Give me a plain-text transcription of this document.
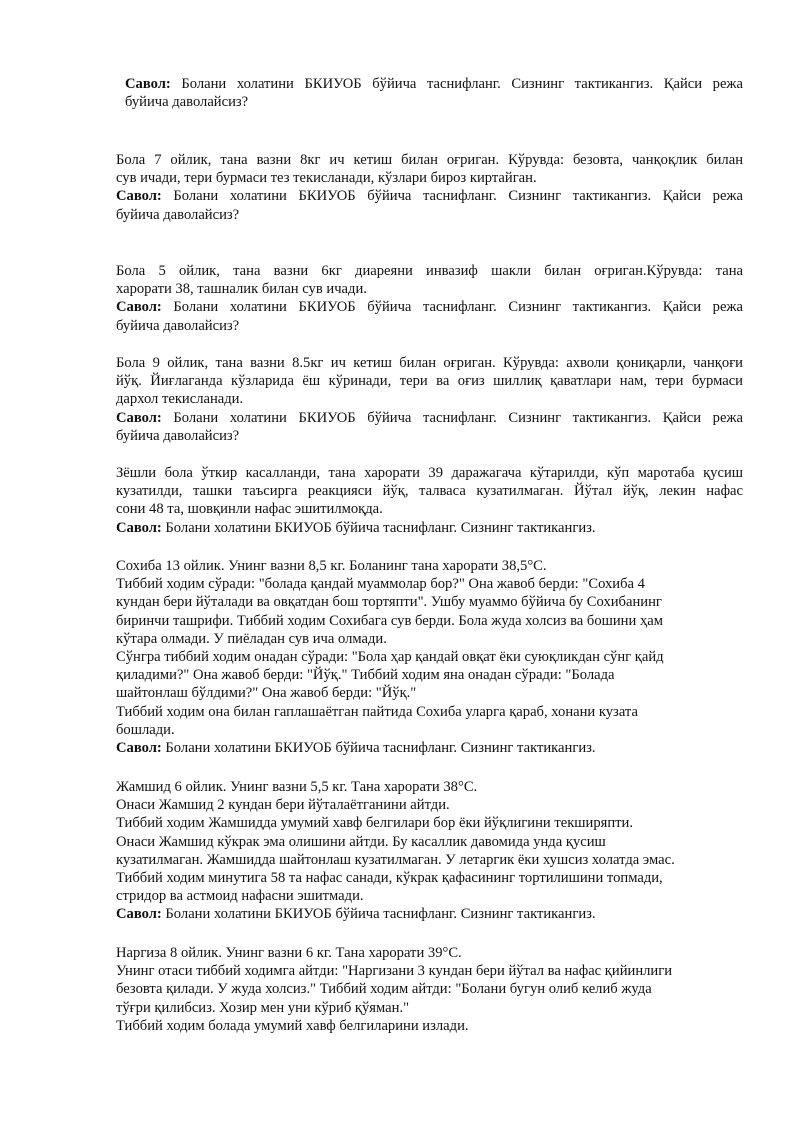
Савол: Болани холатини БКИУОБ бўйича таснифланг. Сизнинг тактикангиз. Қайси режа
буйича даволайсиз?
Бола 7 ойлик, тана вазни 8кг ич кетиш билан оғриган. Кўрувда: безовта, чанқоқлик билан
сув ичади, тери бурмаси тез текисланади, кўзлари бироз киртайган.
Савол: Болани холатини БКИУОБ бўйича таснифланг. Сизнинг тактикангиз. Қайси режа
буйича даволайсиз?
Бола 5 ойлик, тана вазни 6кг диареяни инвазиф шакли билан оғриган.Кўрувда: тана
харорати 38, ташналик билан сув ичади.
Савол: Болани холатини БКИУОБ бўйича таснифланг. Сизнинг тактикангиз. Қайси режа
буйича даволайсиз?
Бола 9 ойлик, тана вазни 8.5кг ич кетиш билан оғриган. Кўрувда: ахволи қониқарли, чанқоғи
йўқ. Йиғлаганда кўзларида ёш кўринади, тери ва оғиз шиллиқ қаватлари нам, тери бурмаси
дархол текисланади.
Савол: Болани холатини БКИУОБ бўйича таснифланг. Сизнинг тактикангиз. Қайси режа
буйича даволайсиз?
Зёшли бола ўткир касалланди, тана харорати 39 даражагача кўтарилди, кўп маротаба қусиш
кузатилди, ташки таъсирга реакцияси йўқ, талваса кузатилмаган. Йўтал йўқ, лекин нафас
сони 48 та, шовқинли нафас эшитилмоқда.
Савол: Болани холатини БКИУОБ бўйича таснифланг. Сизнинг тактикангиз.
Сохиба 13 ойлик. Унинг вазни 8,5 кг. Боланинг тана харорати 38,5°С.
Тиббий ходим сўради: "болада қандай муаммолар бор?" Она жавоб берди: "Сохиба 4
кундан бери йўталади ва овқатдан бош тортяпти". Ушбу муаммо бўйича бу Сохибанинг
биринчи ташрифи. Тиббий ходим Сохибага сув берди. Бола жуда холсиз ва бошини ҳам
кўтара олмади. У пиёладан сув ича олмади.
Сўнгра тиббий ходим онадан сўради: "Бола ҳар қандай овқат ёки суюқликдан сўнг қайд
қиладими?" Она жавоб берди: "Йўқ." Тиббий ходим яна онадан сўради: "Болада
шайтонлаш бўлдими?" Она жавоб берди: "Йўқ."
Тиббий ходим она билан гаплашаётган пайтида Сохиба уларга қараб, хонани кузата
бошлади.
Савол: Болани холатини БКИУОБ бўйича таснифланг. Сизнинг тактикангиз.
Жамшид 6 ойлик. Унинг вазни 5,5 кг. Тана харорати 38°С.
Онаси Жамшид 2 кундан бери йўталаётганини айтди.
Тиббий ходим Жамшидда умумий хавф белгилари бор ёки йўқлигини текширяпти.
Онаси Жамшид кўкрак эма олишини айтди. Бу касаллик давомида унда қусиш
кузатилмаган. Жамшидда шайтонлаш кузатилмаган. У летаргик ёки хушсиз холатда эмас.
Тиббий ходим минутига 58 та нафас санади, кўкрак қафасининг тортилишини топмади,
стридор ва астмоид нафасни эшитмади.
Савол: Болани холатини БКИУОБ бўйича таснифланг. Сизнинг тактикангиз.
Наргиза 8 ойлик. Унинг вазни 6 кг. Тана харорати 39°С.
Унинг отаси тиббий ходимга айтди: "Наргизани 3 кундан бери йўтал ва нафас қийинлиги
безовта қилади. У жуда холсиз." Тиббий ходим айтди: "Болани бугун олиб келиб жуда
тўғри қилибсиз. Хозир мен уни кўриб қўяман."
Тиббий ходим болада умумий хавф белгиларини излади.
